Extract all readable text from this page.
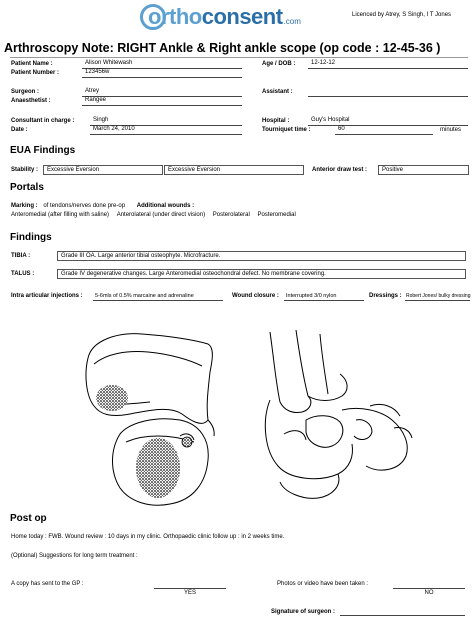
orthoconsent .com
Licenced by Atrey, S Singh, I T Jones
Arthroscopy Note: RIGHT Ankle & Right ankle scope (op code : 12-45-36 )
Patient Name :	Alison Whitewash
Patient Number :	123456w
Age / DOB :	12-12-12
Surgeon :	Atrey
Anaesthetist :	Rangee
Assistant :
Consultant in charge :	Singh
Date :	March 24, 2010
Hospital :	Guy's Hospital
Tourniquet time :	60	minutes
EUA Findings
Stability :	Excessive Eversion	Excessive Eversion	Anterior draw test :	Positive
Portals
Marking : of tendons/nerves done pre-op Additional wounds :
Anteromedial (after filling with saline) Anterolateral (under direct vision) Posterolateral Posteromedial
Findings
TIBIA :	Grade III OA. Large anterior tibial osteophyte. Microfracture.
TALUS :	Grade IV degenerative changes. Large Anteromedial osteochondral defect. No membrane covering.
Intra articular injections : 5-6mls of 0.5% marcaine and adrenaline	Wound closure : Interrupted 3/0 nylon	Dressings : Robert Jones/ bulky dressing
Post op
Home today : FWB. Wound review : 10 days in my clinic. Orthopaedic clinic follow up : in 2 weeks time.
(Optional) Suggestions for long term treatment :
A copy has sent to the GP :
YES
Photos or video have been taken :
NO
Signature of surgeon :
